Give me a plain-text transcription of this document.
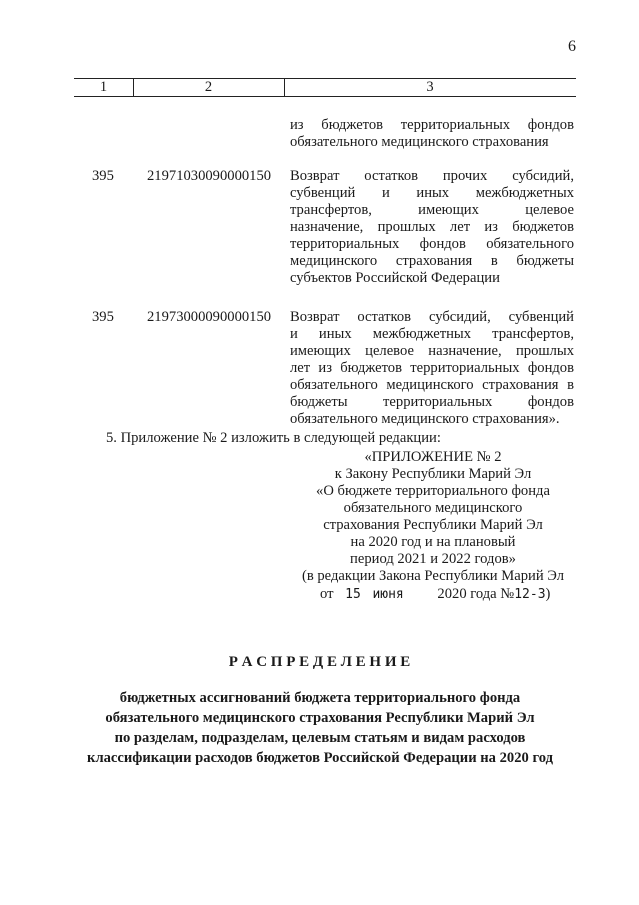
6
1	2	3
из бюджетов территориальных фондов
обязательного медицинского страхования
395 21971030090000150 Возврат остатков прочих субсидий,
субвенций и иных межбюджетных
трансфертов, имеющих целевое
назначение, прошлых лет из бюджетов
территориальных фондов обязательного
медицинского страхования в бюджеты
субъектов Российской Федерации
395 21973000090000150 Возврат остатков субсидий, субвенций
и иных межбюджетных трансфертов,
имеющих целевое назначение, прошлых
лет из бюджетов территориальных фондов
обязательного медицинского страхования в
бюджеты территориальных фондов
обязательного медицинского страхования».
5. Приложение № 2 изложить в следующей редакции:
«ПРИЛОЖЕНИЕ № 2
к Закону Республики Марий Эл
«О бюджете территориального фонда
обязательного медицинского
страхования Республики Марий Эл
на 2020 год и на плановый
период 2021 и 2022 годов»
(в редакции Закона Республики Марий Эл
от 15 июня 2020 года №12-З)
Р А С П Р Е Д Е Л Е Н И Е
бюджетных ассигнований бюджета территориального фонда
обязательного медицинского страхования Республики Марий Эл
по разделам, подразделам, целевым статьям и видам расходов
классификации расходов бюджетов Российской Федерации на 2020 год
